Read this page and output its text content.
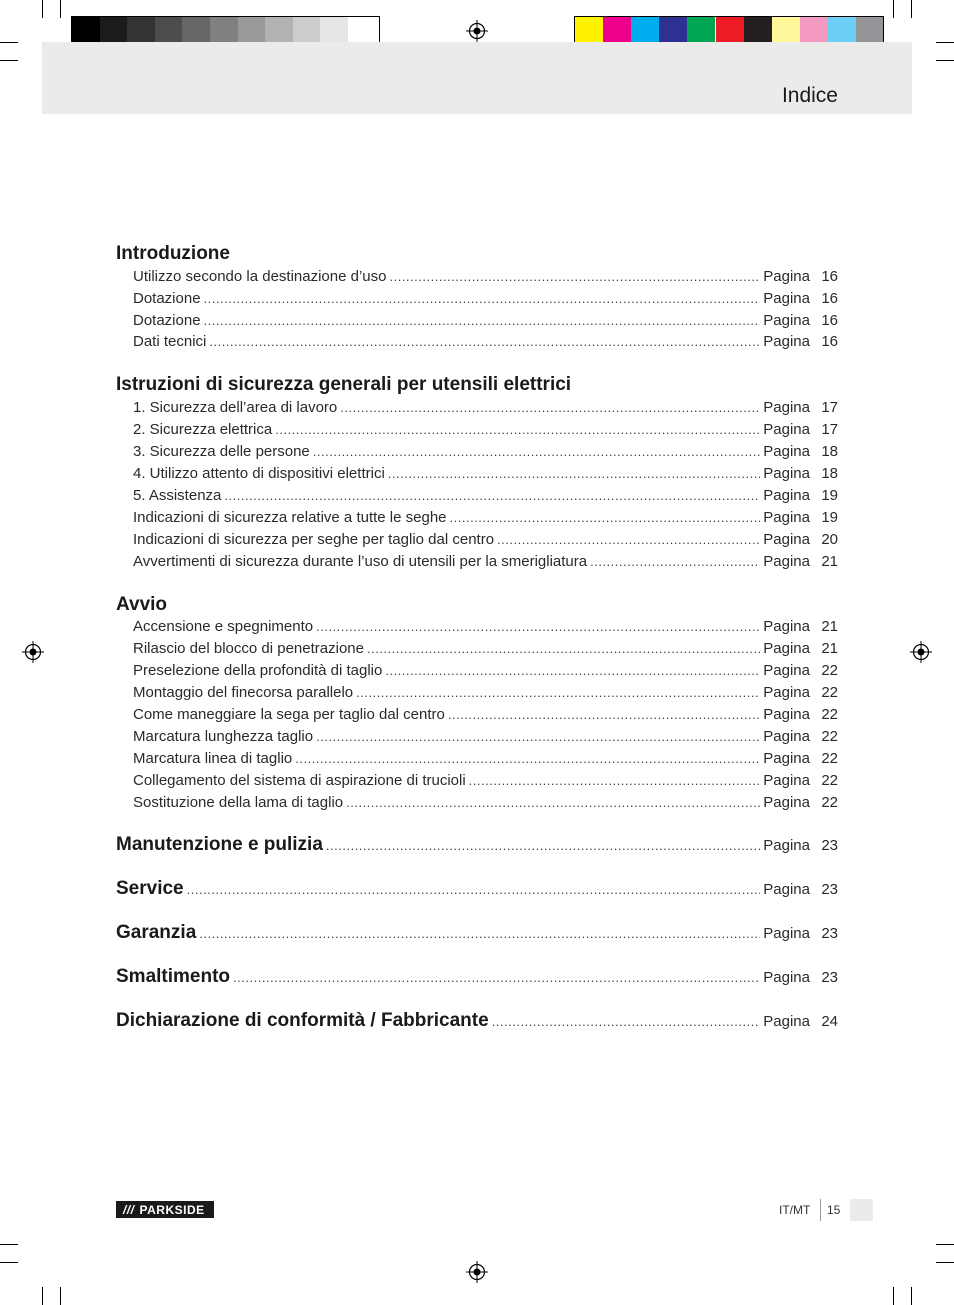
Indice
Introduzione
Utilizzo secondo la destinazione d’uso .....	Pagina 16
Dotazione .....	Pagina 16
Dotazione .....	Pagina 16
Dati tecnici .....	Pagina 16
Istruzioni di sicurezza generali per utensili elettrici
1. Sicurezza dell’area di lavoro .....	Pagina 17
2. Sicurezza elettrica .....	Pagina 17
3. Sicurezza delle persone .....	Pagina 18
4. Utilizzo attento di dispositivi elettrici .....	Pagina 18
5. Assistenza .....	Pagina 19
Indicazioni di sicurezza relative a tutte le seghe .....	Pagina 19
Indicazioni di sicurezza per seghe per taglio dal centro .....	Pagina 20
Avvertimenti di sicurezza durante l’uso di utensili per la smerigliatura .....	Pagina 21
Avvio
Accensione e spegnimento .....	Pagina 21
Rilascio del blocco di penetrazione .....	Pagina 21
Preselezione della profondità di taglio .....	Pagina 22
Montaggio del finecorsa parallelo .....	Pagina 22
Come maneggiare la sega per taglio dal centro .....	Pagina 22
Marcatura lunghezza taglio .....	Pagina 22
Marcatura linea di taglio .....	Pagina 22
Collegamento del sistema di aspirazione di trucioli .....	Pagina 22
Sostituzione della lama di taglio .....	Pagina 22
Manutenzione e pulizia .....	Pagina 23
Service .....	Pagina 23
Garanzia .....	Pagina 23
Smaltimento .....	Pagina 23
Dichiarazione di conformità / Fabbricante .....	Pagina 24
/// PARKSIDE	IT/MT 15
